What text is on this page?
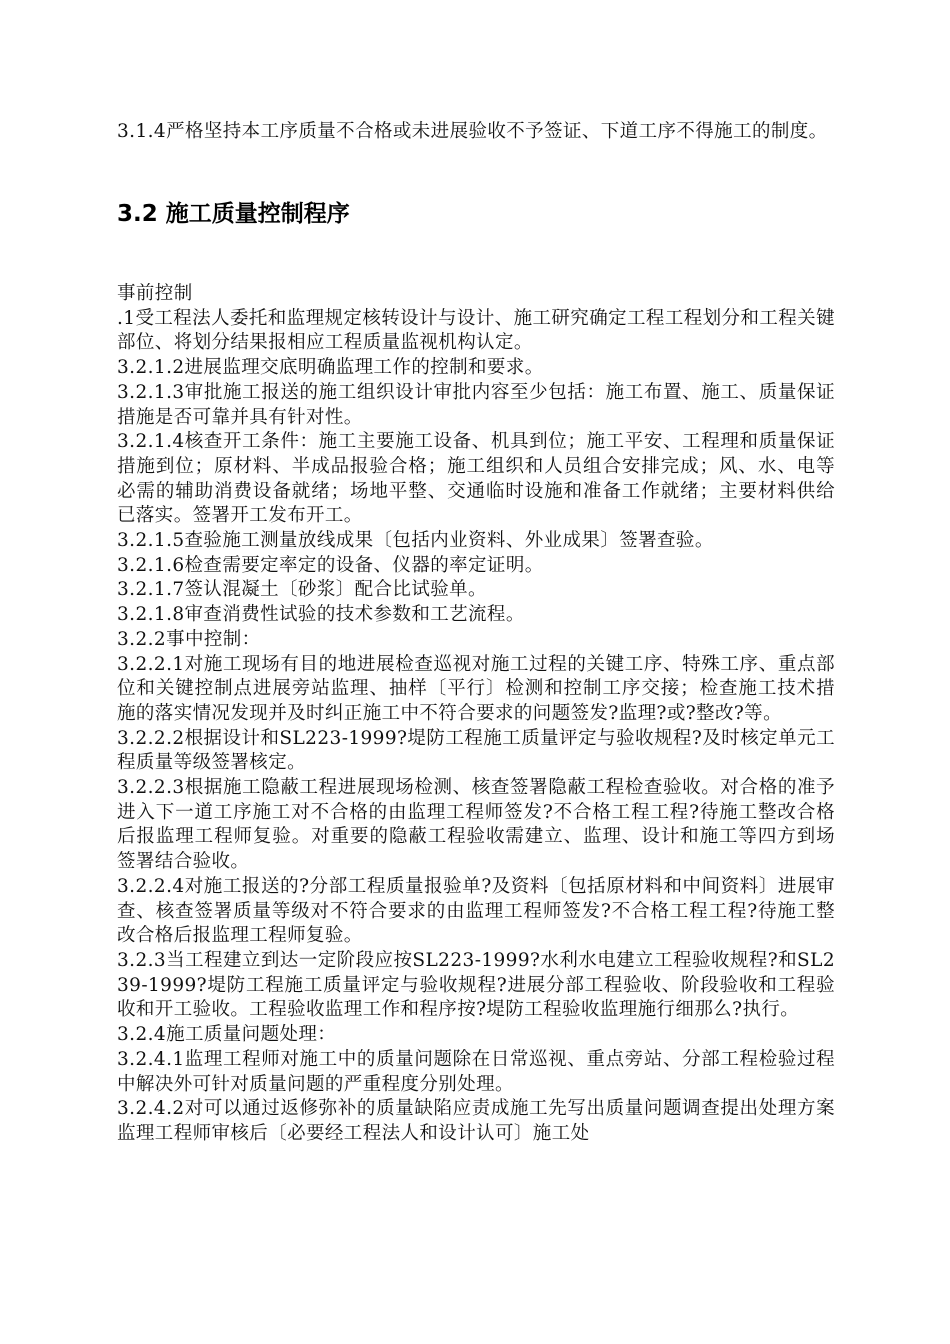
3.1.4严格坚持本工序质量不合格或未进展验收不予签证、下道工序不得施工的制度。

3.2 施工质量控制程序

事前控制

.1受工程法人委托和监理规定核转设计与设计、施工研究确定工程工程划分和工程关键部位、将划分结果报相应工程质量监视机构认定。

3.2.1.2进展监理交底明确监理工作的控制和要求。

3.2.1.3审批施工报送的施工组织设计审批内容至少包括：施工布置、施工、质量保证措施是否可靠并具有针对性。

3.2.1.4核查开工条件：施工主要施工设备、机具到位；施工平安、工程理和质量保证措施到位；原材料、半成品报验合格；施工组织和人员组合安排完成；风、水、电等必需的辅助消费设备就绪；场地平整、交通临时设施和准备工作就绪；主要材料供给已落实。签署开工发布开工。

3.2.1.5查验施工测量放线成果〔包括内业资料、外业成果〕签署查验。

3.2.1.6检查需要定率定的设备、仪器的率定证明。

3.2.1.7签认混凝土〔砂浆〕配合比试验单。

3.2.1.8审查消费性试验的技术参数和工艺流程。

3.2.2事中控制：

3.2.2.1对施工现场有目的地进展检查巡视对施工过程的关键工序、特殊工序、重点部位和关键控制点进展旁站监理、抽样〔平行〕检测和控制工序交接；检查施工技术措施的落实情况发现并及时纠正施工中不符合要求的问题签发?监理?或?整改?等。

3.2.2.2根据设计和SL223-1999?堤防工程施工质量评定与验收规程?及时核定单元工程质量等级签署核定。

3.2.2.3根据施工隐蔽工程进展现场检测、核查签署隐蔽工程检查验收。对合格的准予进入下一道工序施工对不合格的由监理工程师签发?不合格工程工程?待施工整改合格后报监理工程师复验。对重要的隐蔽工程验收需建立、监理、设计和施工等四方到场签署结合验收。

3.2.2.4对施工报送的?分部工程质量报验单?及资料〔包括原材料和中间资料〕进展审查、核查签署质量等级对不符合要求的由监理工程师签发?不合格工程工程?待施工整改合格后报监理工程师复验。

3.2.3当工程建立到达一定阶段应按SL223-1999?水利水电建立工程验收规程?和SL239-1999?堤防工程施工质量评定与验收规程?进展分部工程验收、阶段验收和工程验收和开工验收。工程验收监理工作和程序按?堤防工程验收监理施行细那么?执行。

3.2.4施工质量问题处理：

3.2.4.1监理工程师对施工中的质量问题除在日常巡视、重点旁站、分部工程检验过程中解决外可针对质量问题的严重程度分别处理。

3.2.4.2对可以通过返修弥补的质量缺陷应责成施工先写出质量问题调查提出处理方案监理工程师审核后〔必要经工程法人和设计认可〕施工处
